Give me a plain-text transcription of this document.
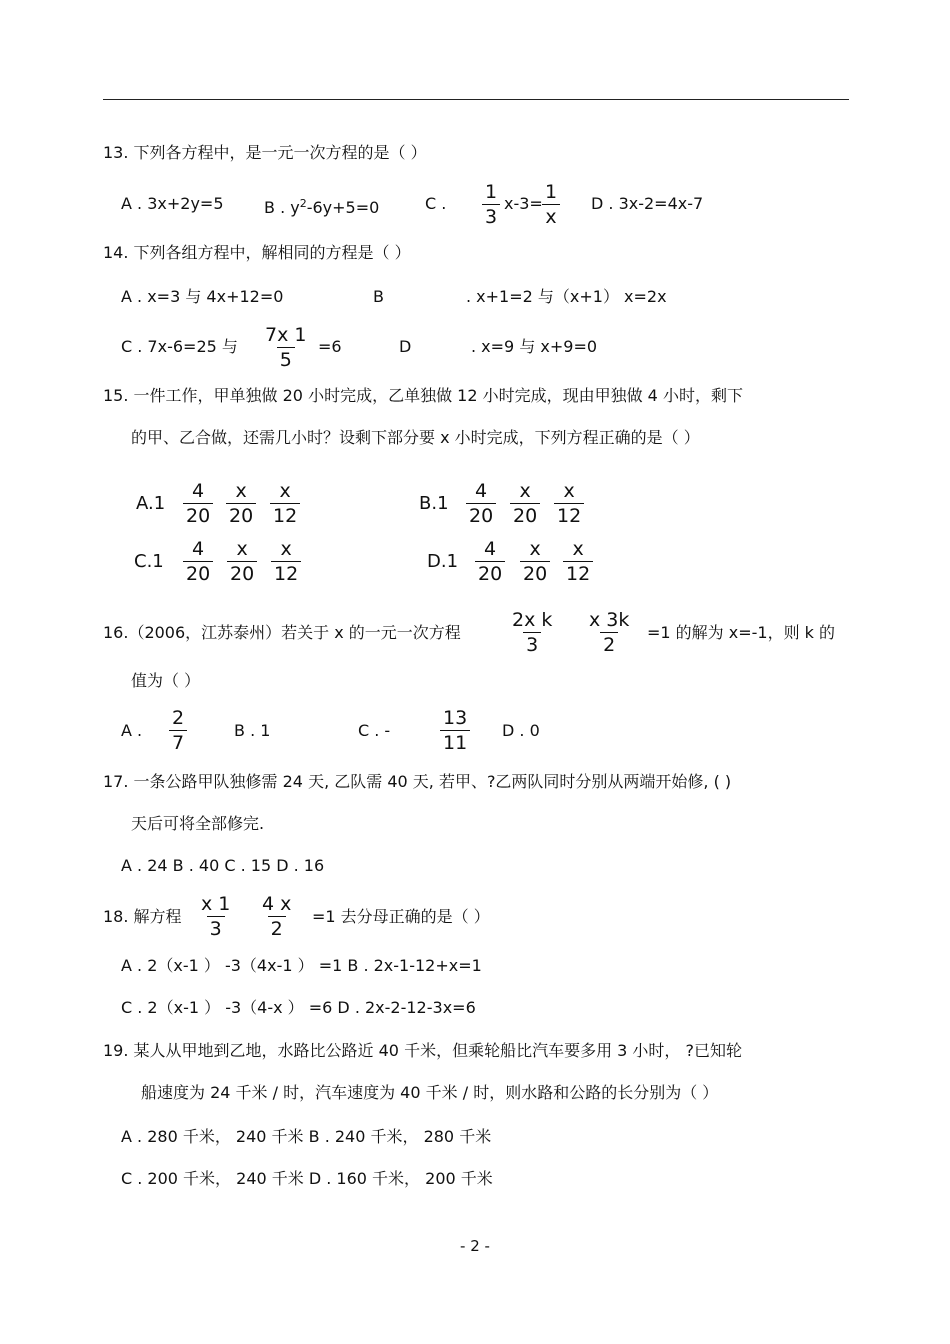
13. 下列各方程中，是一元一次方程的是（ ）
A . 3x+2y=5	B . $y^2-6y+5=0$	C . $\frac{1}{3} x-3= \frac{1}{x}$ D . 3x-2=4x-7
14. 下列各组方程中，解相同的方程是（ ）
A . x=3 与 4x+12=0	B	. x+1=2 与（x+1） x=2x
C . 7x-6=25 与 $\frac{7x 1}{5} =6$	D	. x=9 与 x+9=0
15. 一件工作，甲单独做 20 小时完成，乙单独做 12 小时完成，现由甲独做 4 小时，剩下
的甲、乙合做，还需几小时？设剩下部分要 x 小时完成，下列方程正确的是（ ）
$A.1 \frac{4}{20} \frac{x}{20} \frac{x}{12}$	$B.1 \frac{4}{20} \frac{x}{20} \frac{x}{12}$
$C.1 \frac{4}{20} \frac{x}{20} \frac{x}{12}$	$D.1 \frac{4}{20} \frac{x}{20} \frac{x}{12}$
16.（2006，江苏泰州）若关于 x 的一元一次方程	$\frac{\text{2x k}}{3} \frac{x 3k}{2} =1$ 的解为 x=-1，则 k 的
值为（ ）
A . $\frac{2}{7}$	B . 1	C . -	$\frac{13}{11}$ D . 0
17. 一条公路甲队独修需 24 天, 乙队需 40 天, 若甲、?乙两队同时分别从两端开始修, ( )
天后可将全部修完.
A . 24 B . 40 C . 15 D . 16
18. 解方程 $\frac{x 1}{3} \frac{4 x}{2} =1$ 去分母正确的是（ ）
A . 2（x-1 ） -3（4x-1 ） =1 B . 2x-1-12+x=1
C . 2（x-1 ） -3（4-x ） =6 D . 2x-2-12-3x=6
19. 某人从甲地到乙地，水路比公路近 40 千米，但乘轮船比汽车要多用 3 小时， ?已知轮
船速度为 24 千米 / 时，汽车速度为 40 千米 / 时，则水路和公路的长分别为（ ）
A . 280 千米， 240 千米 B . 240 千米， 280 千米
C . 200 千米， 240 千米 D . 160 千米， 200 千米
- 2 -
